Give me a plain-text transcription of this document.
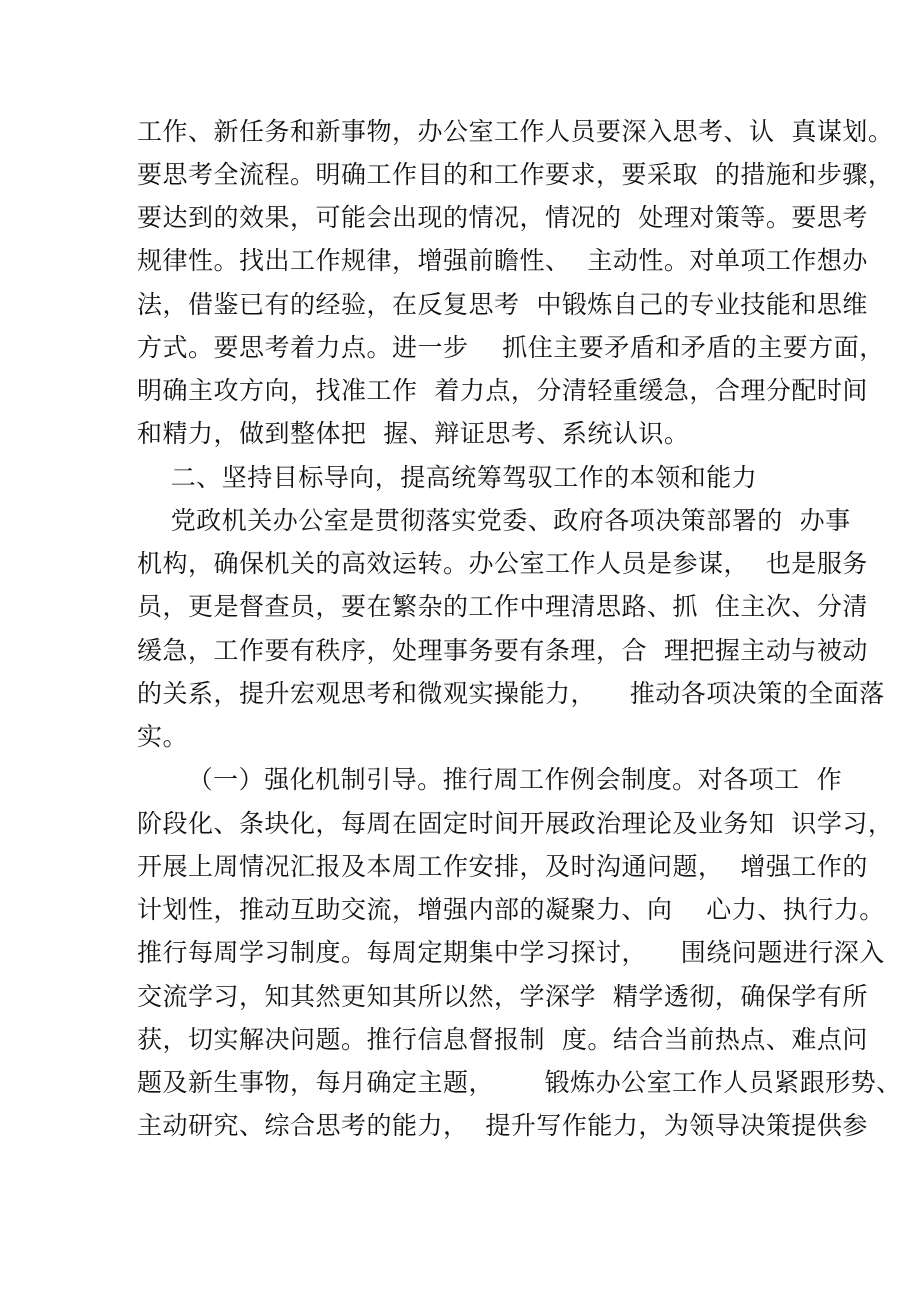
工作、新任务和新事物，办公室工作人员要深入思考、认  真谋划。
要思考全流程。明确工作目的和工作要求，要采取  的措施和步骤，
要达到的效果，可能会出现的情况，情况的  处理对策等。要思考
规律性。找出工作规律，增强前瞻性、  主动性。对单项工作想办
法，借鉴已有的经验，在反复思考  中锻炼自己的专业技能和思维
方式。要思考着力点。进一步    抓住主要矛盾和矛盾的主要方面，
明确主攻方向，找准工作  着力点，分清轻重缓急，合理分配时间
和精力，做到整体把  握、辩证思考、系统认识。
二、坚持目标导向，提高统筹驾驭工作的本领和能力
党政机关办公室是贯彻落实党委、政府各项决策部署的  办事
机构，确保机关的高效运转。办公室工作人员是参谋，  也是服务
员，更是督查员，要在繁杂的工作中理清思路、抓  住主次、分清
缓急，工作要有秩序，处理事务要有条理，合  理把握主动与被动
的关系，提升宏观思考和微观实操能力，    推动各项决策的全面落
实。
（一）强化机制引导。推行周工作例会制度。对各项工  作
阶段化、条块化，每周在固定时间开展政治理论及业务知  识学习，
开展上周情况汇报及本周工作安排，及时沟通问题，  增强工作的
计划性，推动互助交流，增强内部的凝聚力、向    心力、执行力。
推行每周学习制度。每周定期集中学习探讨，    围绕问题进行深入
交流学习，知其然更知其所以然，学深学  精学透彻，确保学有所
获，切实解决问题。推行信息督报制  度。结合当前热点、难点问
题及新生事物，每月确定主题，      锻炼办公室工作人员紧跟形势、
主动研究、综合思考的能力，  提升写作能力，为领导决策提供参
